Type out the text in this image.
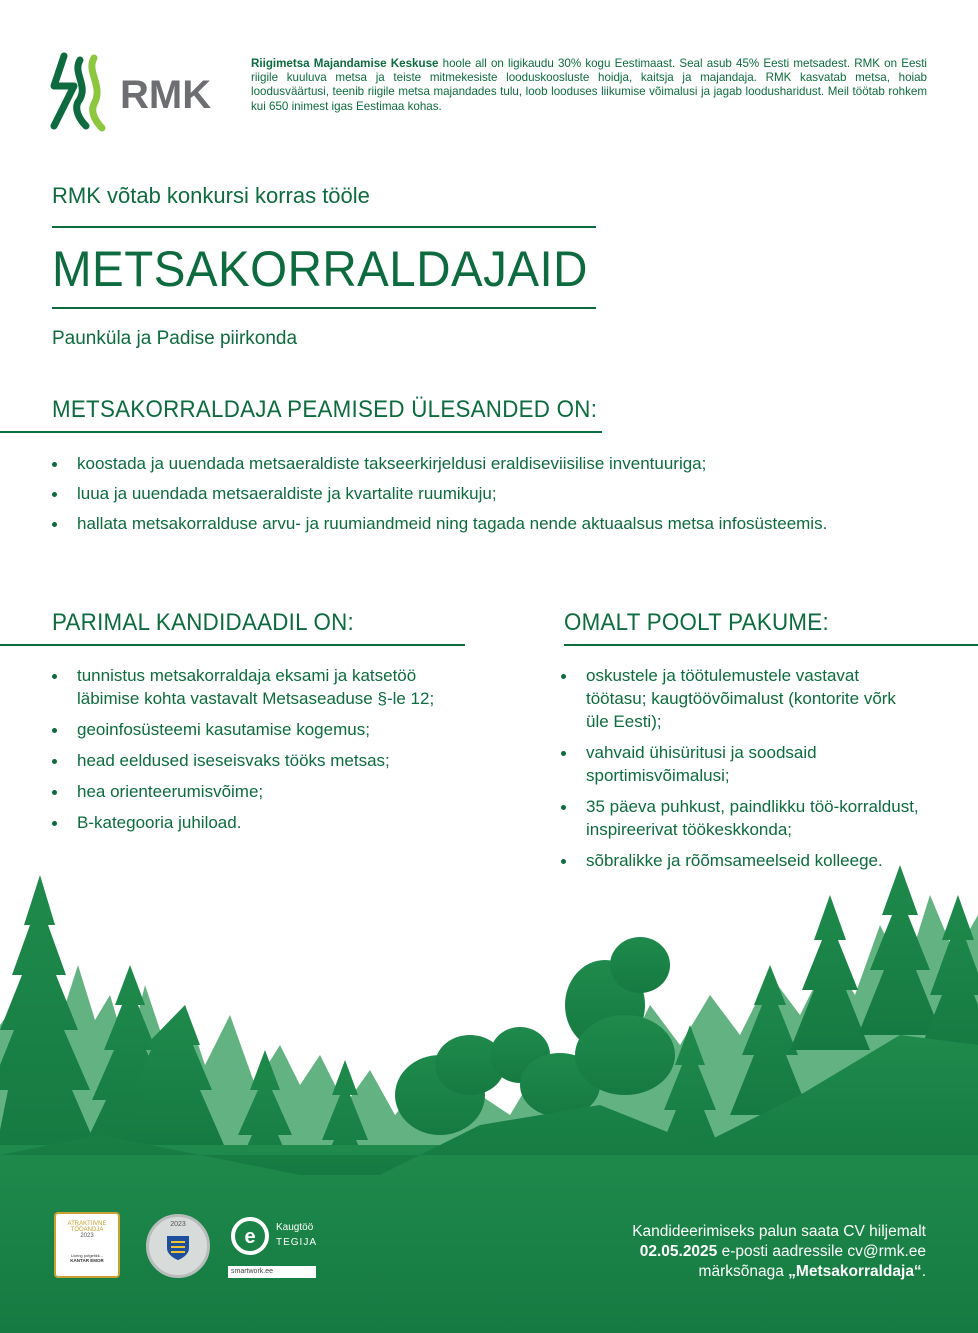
RMK

Riigimetsa Majandamise Keskuse hoole all on ligikaudu 30% kogu Eestimaast. Seal asub 45% Eesti metsadest. RMK on Eesti riigile kuuluva metsa ja teiste mitmekesiste looduskoosluste hoidja, kaitsja ja majandaja. RMK kasvatab metsa, hoiab loodusväärtusi, teenib riigile metsa majandades tulu, loob looduses liikumise võimalusi ja jagab loodusharidust. Meil töötab rohkem kui 650 inimest igas Eestimaa kohas.

RMK võtab konkursi korras tööle

METSAKORRALDAJAID

Paunküla ja Padise piirkonda

METSAKORRALDAJA PEAMISED ÜLESANDED ON:
koostada ja uuendada metsaeraldiste takseerkirjeldusi eraldiseviisilise inventuuriga;
luua ja uuendada metsaeraldiste ja kvartalite ruumikuju;
hallata metsakorralduse arvu- ja ruumiandmeid ning tagada nende aktuaalsus metsa infosüsteemis.
PARIMAL KANDIDAADIL ON:
tunnistus metsakorraldaja eksami ja katsetöö läbimise kohta vastavalt Metsaseaduse §-le 12;
geoinfosüsteemi kasutamise kogemus;
head eeldused iseseisvaks tööks metsas;
hea orienteerumisvõime;
B-kategooria juhiload.
OMALT POOLT PAKUME:
oskustele ja töötulemustele vastavat töötasu; kaugtöövõimalust (kontorite võrk üle Eesti);
vahvaid ühisüritusi ja soodsaid sportimisvõimalusi;
35 päeva puhkust, paindlikku töö-korraldust, inspireerivat töökeskkonda;
sõbralikke ja rõõmsameelseid kolleege.
ATRAKTIIVNE
TÖÖANDJA
2023
Uuring potgetikk...
KANTAR EMOR
2023
e Kaugtöö
TEGIJA
smartwork.ee

Kandideerimiseks palun saata CV hiljemalt
02.05.2025 e-posti aadressile cv@rmk.ee
märksõnaga „Metsakorraldaja“.
